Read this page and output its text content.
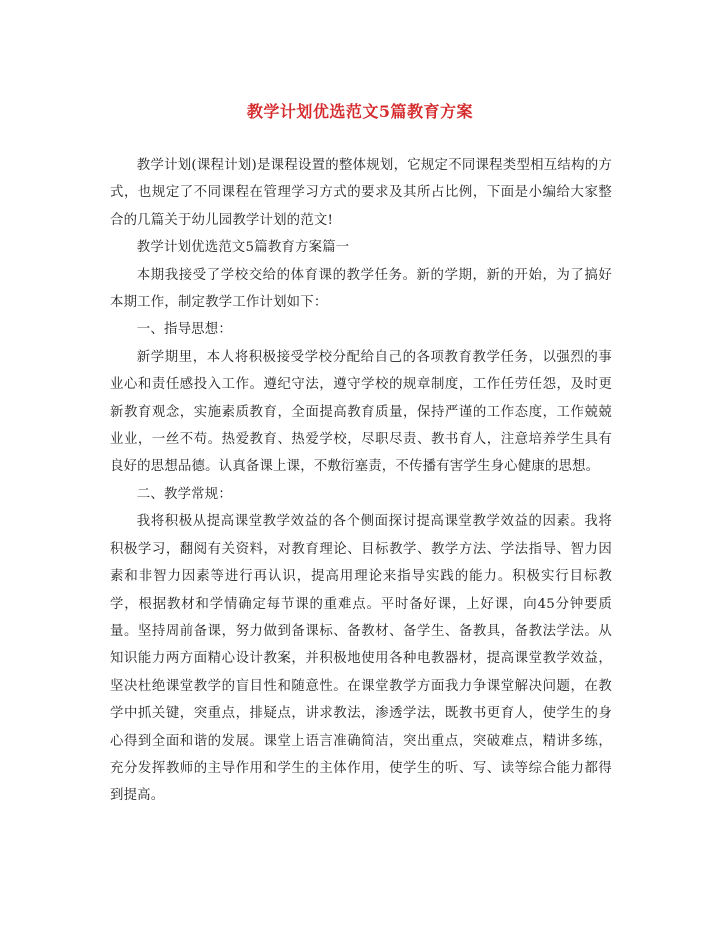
教学计划优选范文5篇教育方案

教学计划(课程计划)是课程设置的整体规划，它规定不同课程类型相互结构的方式，也规定了不同课程在管理学习方式的要求及其所占比例，下面是小编给大家整合的几篇关于幼儿园教学计划的范文!

教学计划优选范文5篇教育方案篇一

本期我接受了学校交给的体育课的教学任务。新的学期，新的开始，为了搞好本期工作，制定教学工作计划如下：

一、指导思想：

新学期里，本人将积极接受学校分配给自己的各项教育教学任务，以强烈的事业心和责任感投入工作。遵纪守法，遵守学校的规章制度，工作任劳任怨，及时更新教育观念，实施素质教育，全面提高教育质量，保持严谨的工作态度，工作兢兢业业，一丝不苟。热爱教育、热爱学校，尽职尽责、教书育人，注意培养学生具有良好的思想品德。认真备课上课，不敷衍塞责，不传播有害学生身心健康的思想。

二、教学常规：

我将积极从提高课堂教学效益的各个侧面探讨提高课堂教学效益的因素。我将积极学习，翻阅有关资料，对教育理论、目标教学、教学方法、学法指导、智力因素和非智力因素等进行再认识，提高用理论来指导实践的能力。积极实行目标教学，根据教材和学情确定每节课的重难点。平时备好课，上好课，向45分钟要质量。坚持周前备课，努力做到备课标、备教材、备学生、备教具，备教法学法。从知识能力两方面精心设计教案，并积极地使用各种电教器材，提高课堂教学效益，坚决杜绝课堂教学的盲目性和随意性。在课堂教学方面我力争课堂解决问题，在教学中抓关键，突重点，排疑点，讲求教法，渗透学法，既教书更育人，使学生的身心得到全面和谐的发展。课堂上语言准确简洁，突出重点，突破难点，精讲多练，充分发挥教师的主导作用和学生的主体作用，使学生的听、写、读等综合能力都得到提高。
